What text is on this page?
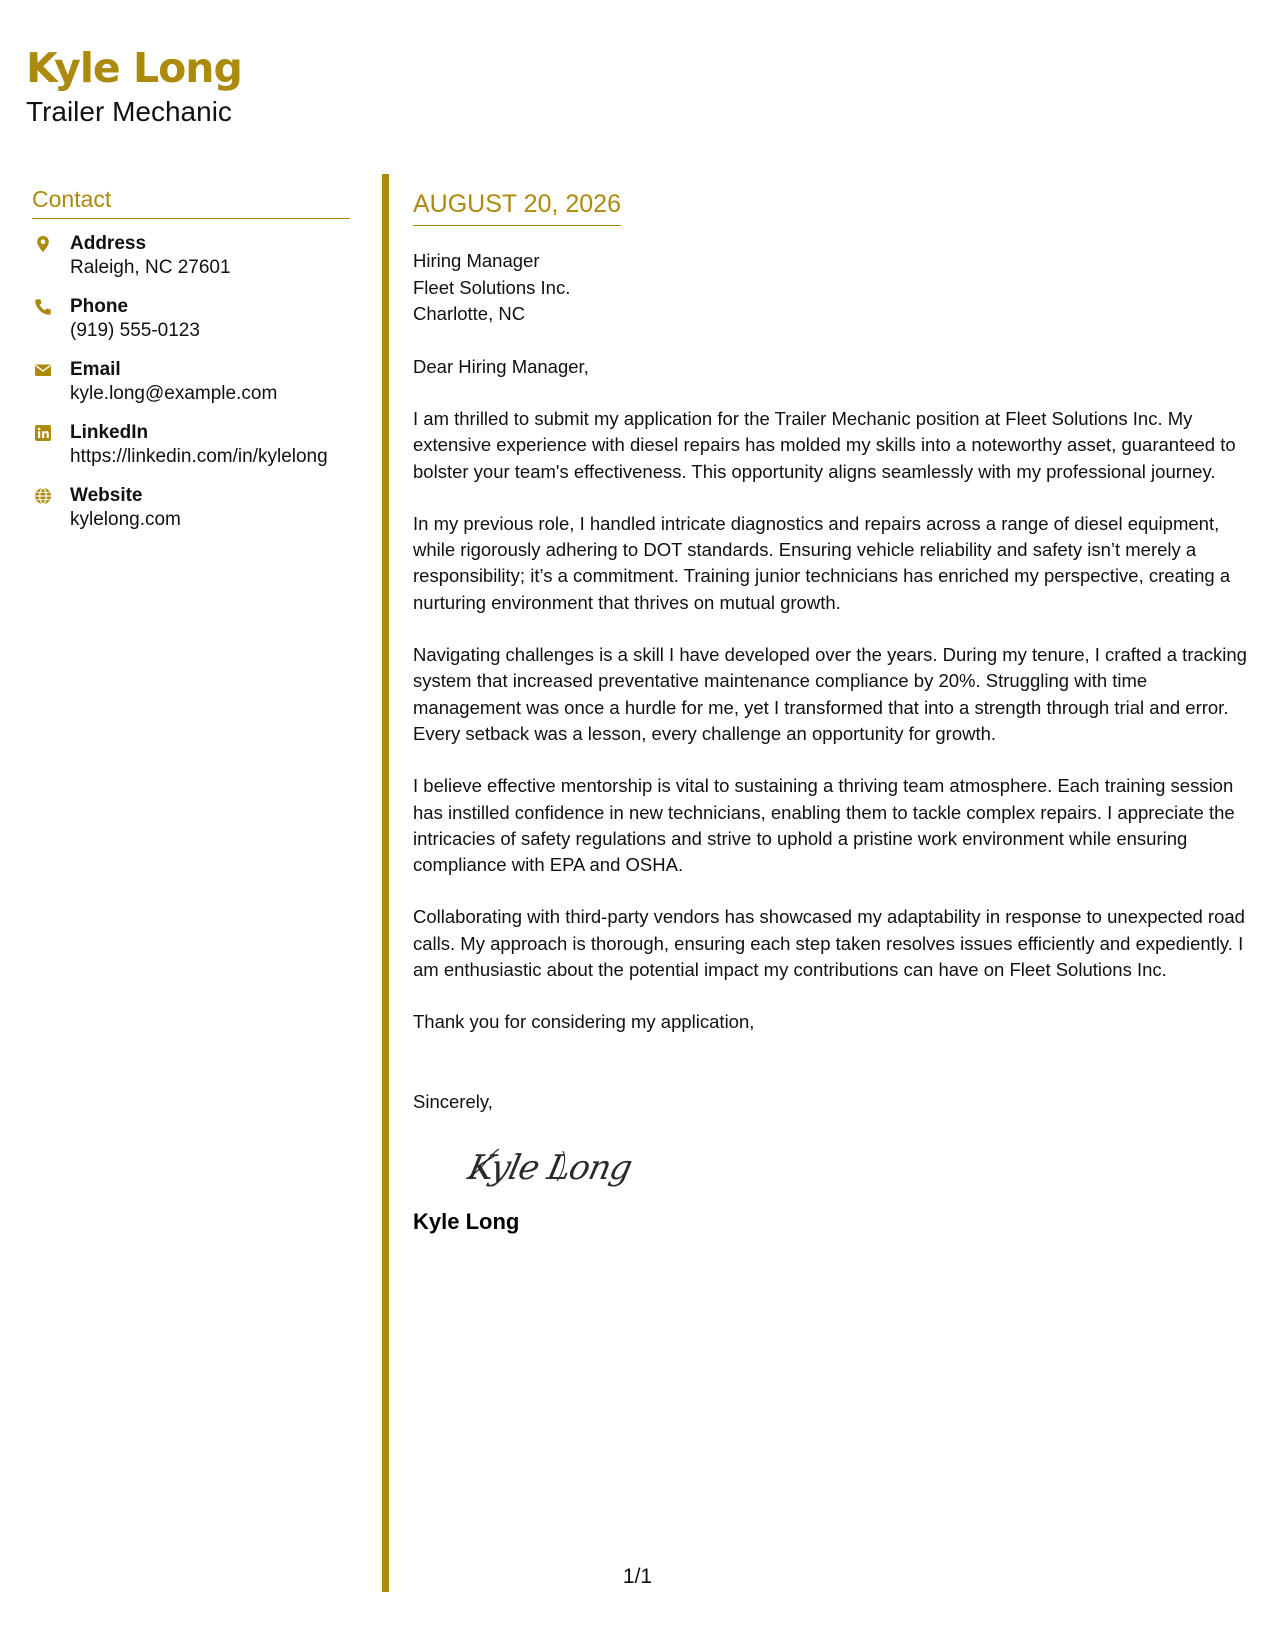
Kyle Long
Trailer Mechanic
Contact
Address
Raleigh, NC 27601
Phone
(919) 555-0123
Email
kyle.long@example.com
LinkedIn
https://linkedin.com/in/kylelong
Website
kylelong.com
AUGUST 20, 2026
Hiring Manager
Fleet Solutions Inc.
Charlotte, NC
Dear Hiring Manager,

I am thrilled to submit my application for the Trailer Mechanic position at Fleet Solutions Inc. My extensive experience with diesel repairs has molded my skills into a noteworthy asset, guaranteed to bolster your team's effectiveness. This opportunity aligns seamlessly with my professional journey.

In my previous role, I handled intricate diagnostics and repairs across a range of diesel equipment, while rigorously adhering to DOT standards. Ensuring vehicle reliability and safety isn’t merely a responsibility; it’s a commitment. Training junior technicians has enriched my perspective, creating a nurturing environment that thrives on mutual growth.

Navigating challenges is a skill I have developed over the years. During my tenure, I crafted a tracking system that increased preventative maintenance compliance by 20%. Struggling with time management was once a hurdle for me, yet I transformed that into a strength through trial and error. Every setback was a lesson, every challenge an opportunity for growth.

I believe effective mentorship is vital to sustaining a thriving team atmosphere. Each training session has instilled confidence in new technicians, enabling them to tackle complex repairs. I appreciate the intricacies of safety regulations and strive to uphold a pristine work environment while ensuring compliance with EPA and OSHA.

Collaborating with third-party vendors has showcased my adaptability in response to unexpected road calls. My approach is thorough, ensuring each step taken resolves issues efficiently and expediently. I am enthusiastic about the potential impact my contributions can have on Fleet Solutions Inc.

Thank you for considering my application,
Sincerely,
Kyle Long
Kyle Long
1/1
